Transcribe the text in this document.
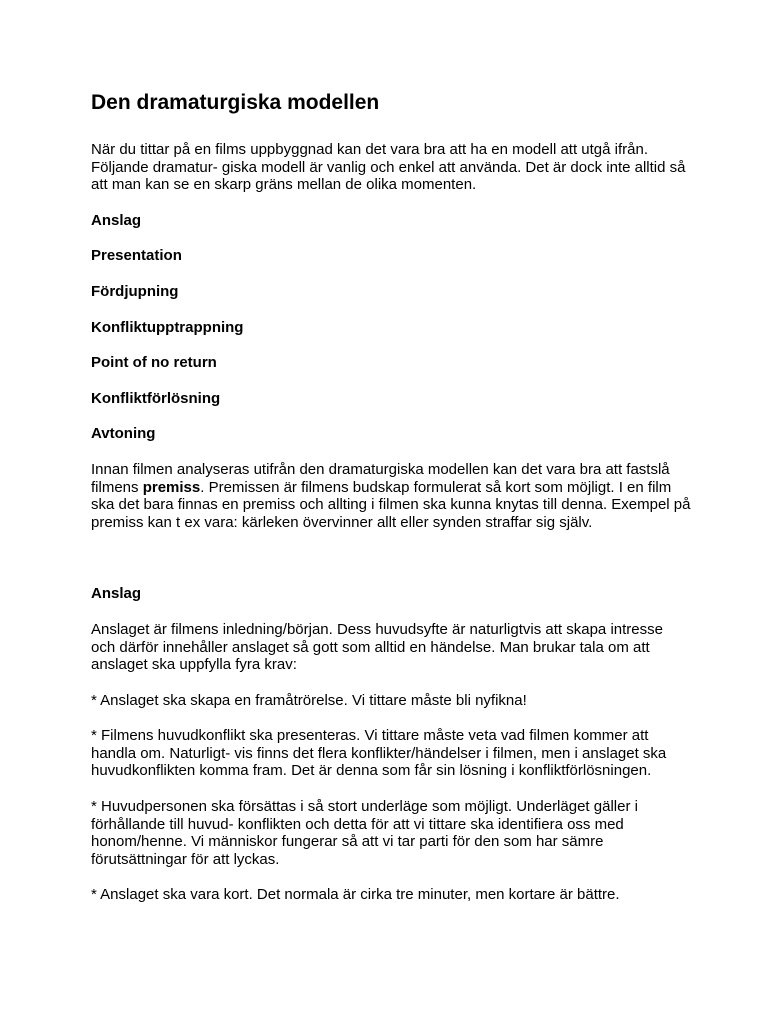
Den dramaturgiska modellen

När du tittar på en films uppbyggnad kan det vara bra att ha en modell att utgå ifrån. Följande dramatur- giska modell är vanlig och enkel att använda. Det är dock inte alltid så att man kan se en skarp gräns mellan de olika momenten.

Anslag
Presentation
Fördjupning
Konfliktupptrappning
Point of no return
Konfliktförlösning
Avtoning

Innan filmen analyseras utifrån den dramaturgiska modellen kan det vara bra att fastslå filmens premiss. Premissen är filmens budskap formulerat så kort som möjligt. I en film ska det bara finnas en premiss och allting i filmen ska kunna knytas till denna. Exempel på premiss kan t ex vara: kärleken övervinner allt eller synden straffar sig själv.

Anslag

Anslaget är filmens inledning/början. Dess huvudsyfte är naturligtvis att skapa intresse och därför innehåller anslaget så gott som alltid en händelse. Man brukar tala om att anslaget ska uppfylla fyra krav:

* Anslaget ska skapa en framåtrörelse. Vi tittare måste bli nyfikna!

* Filmens huvudkonflikt ska presenteras. Vi tittare måste veta vad filmen kommer att handla om. Naturligt- vis finns det flera konflikter/händelser i filmen, men i anslaget ska huvudkonflikten komma fram. Det är denna som får sin lösning i konfliktförlösningen.

* Huvudpersonen ska försättas i så stort underläge som möjligt. Underläget gäller i förhållande till huvud- konflikten och detta för att vi tittare ska identifiera oss med honom/henne. Vi människor fungerar så att vi tar parti för den som har sämre förutsättningar för att lyckas.

* Anslaget ska vara kort. Det normala är cirka tre minuter, men kortare är bättre.
